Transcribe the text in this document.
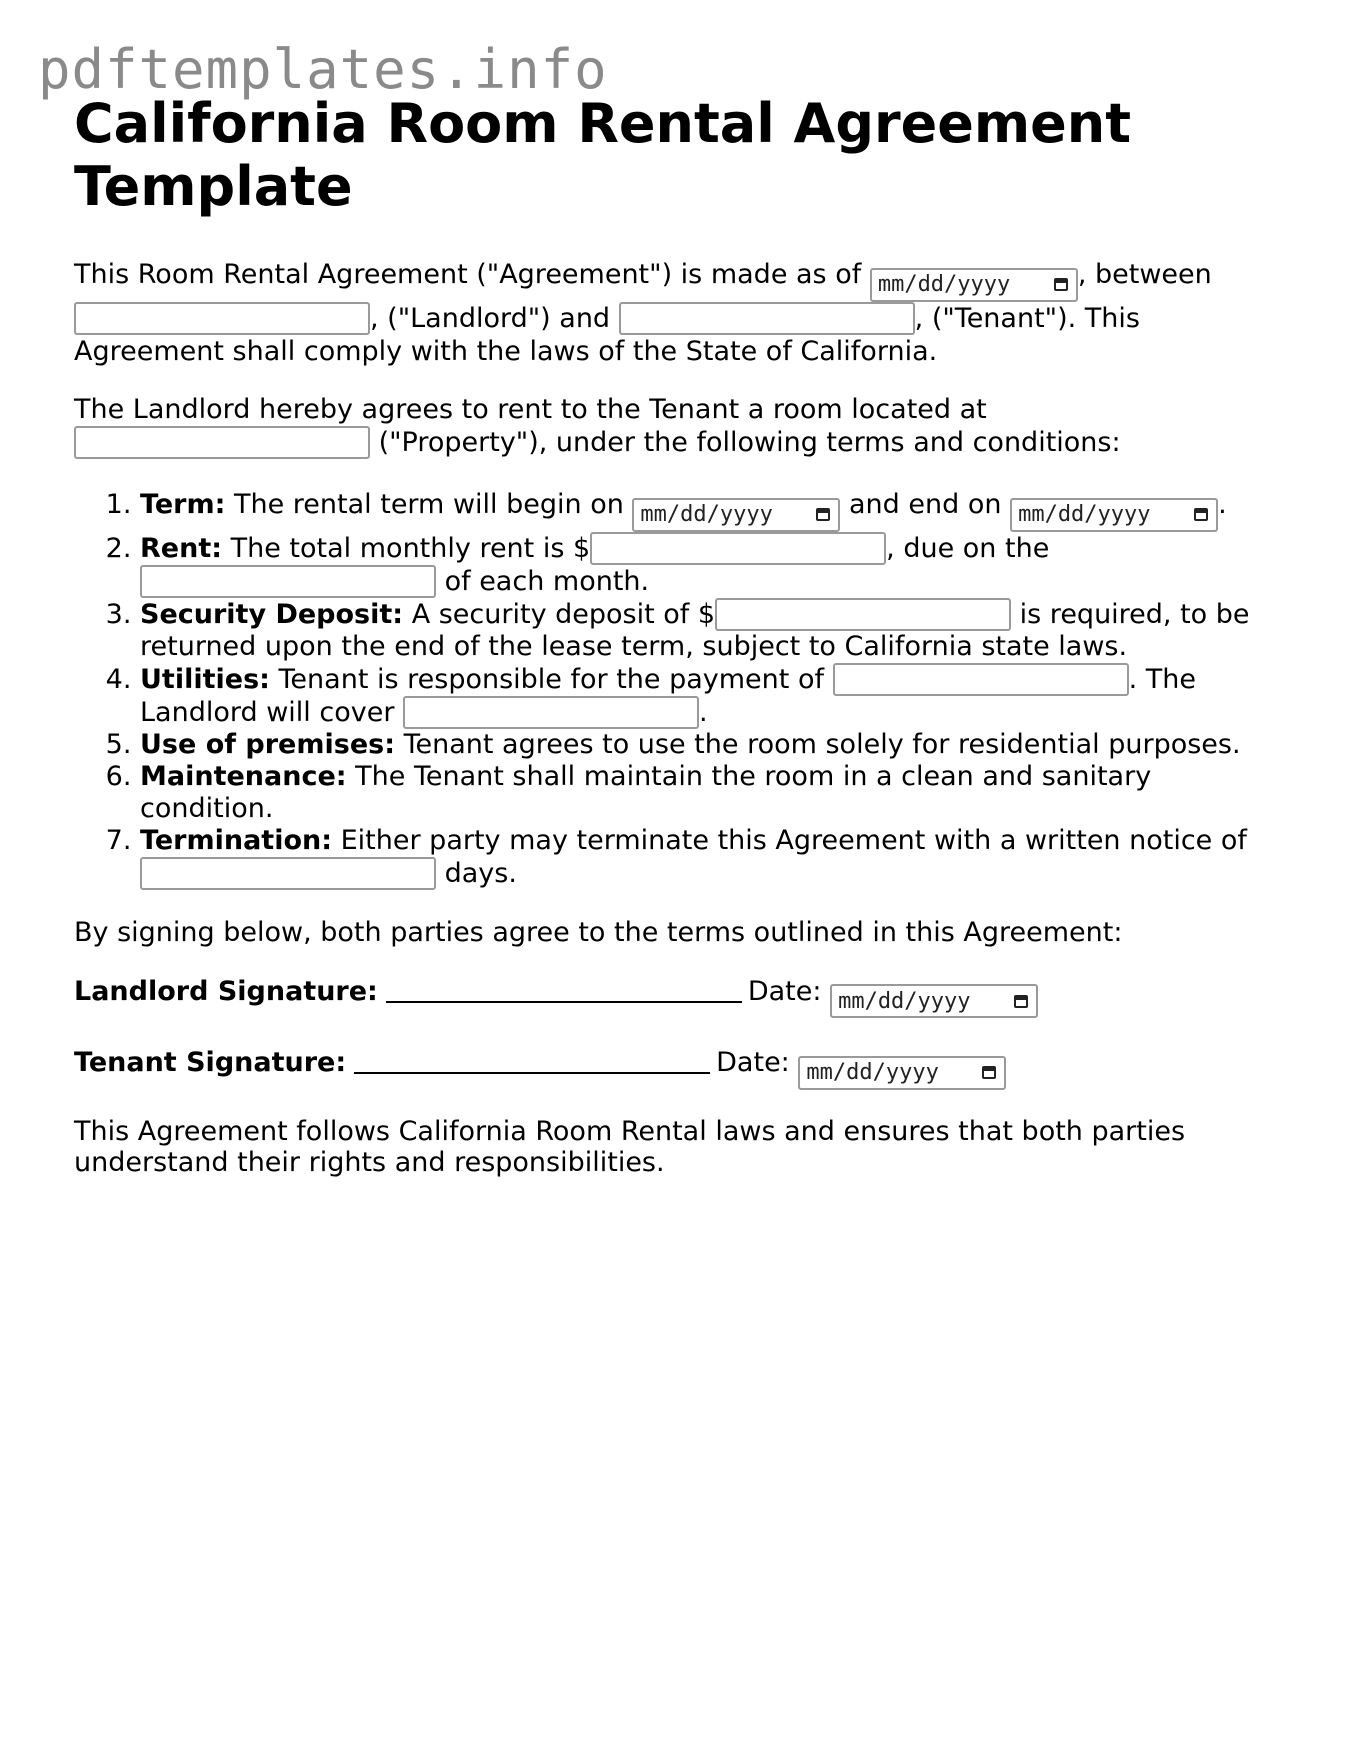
pdftemplates.info
California Room Rental Agreement Template

This Room Rental Agreement ("Agreement") is made as of mm/dd/yyyy	, between , ("Landlord") and	, ("Tenant"). This Agreement shall comply with the laws of the State of California.

The Landlord hereby agrees to rent to the Tenant a room located at  ("Property"), under the following terms and conditions:

1. Term: The rental term will begin on mm/dd/yyyy	and end on mm/dd/yyyy	.
2. Rent: The total monthly rent is $	, due on the
of each month.
3. Security Deposit: A security deposit of $	is required, to be returned upon the end of the lease term, subject to California state laws.
4. Utilities: Tenant is responsible for the payment of	. The Landlord will cover	.
5. Use of premises: Tenant agrees to use the room solely for residential purposes.
6. Maintenance: The Tenant shall maintain the room in a clean and sanitary condition.
7. Termination: Either party may terminate this Agreement with a written notice of
days.

By signing below, both parties agree to the terms outlined in this Agreement:

Landlord Signature:	Date: mm/dd/yyyy
Tenant Signature:	Date: mm/dd/yyyy

This Agreement follows California Room Rental laws and ensures that both parties understand their rights and responsibilities.
